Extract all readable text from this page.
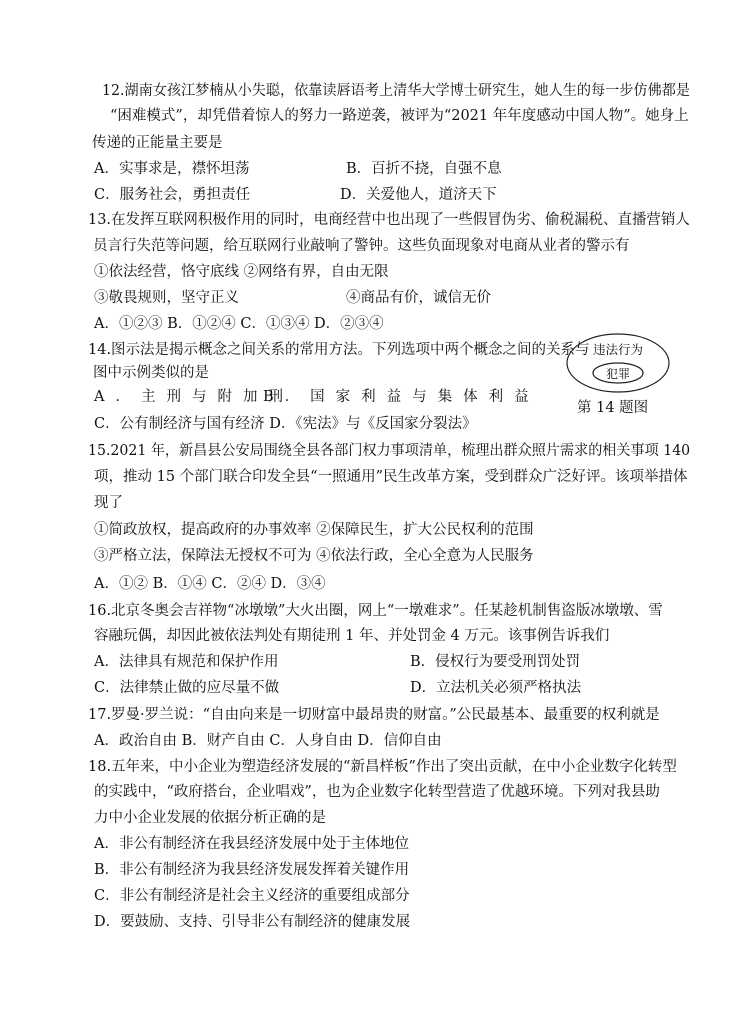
12.湖南女孩江梦楠从小失聪，依靠读唇语考上清华大学博士研究生，她人生的每一步仿佛都是
“困难模式”，却凭借着惊人的努力一路逆袭，被评为“2021 年年度感动中国人物”。她身上
传递的正能量主要是
A．实事求是，襟怀坦荡	B．百折不挠，自强不息
C．服务社会，勇担责任	D．关爱他人，道济天下
13.在发挥互联网积极作用的同时，电商经营中也出现了一些假冒伪劣、偷税漏税、直播营销人
员言行失范等问题，给互联网行业敲响了警钟。这些负面现象对电商从业者的警示有
①依法经营，恪守底线 ②网络有界，自由无限
③敬畏规则，坚守正义	④商品有价，诚信无价
A．①②③ B．①②④ C．①③④ D．②③④
14.图示法是揭示概念之间关系的常用方法。下列选项中两个概念之间的关系与
图中示例类似的是
A．主刑与附加刑
B．国家利益与集体利益
C．公有制经济与国有经济 D．《宪法》与《反国家分裂法》
违法行为
犯罪
第 14 题图
15.2021 年，新昌县公安局围绕全县各部门权力事项清单，梳理出群众照片需求的相关事项 140
项，推动 15 个部门联合印发全县“一照通用”民生改革方案，受到群众广泛好评。该项举措体
现了
①简政放权，提高政府的办事效率 ②保障民生，扩大公民权利的范围
③严格立法，保障法无授权不可为 ④依法行政，全心全意为人民服务
A．①② B．①④ C．②④ D．③④
16.北京冬奥会吉祥物“冰墩墩”大火出圈，网上“一墩难求”。任某趁机制售盗版冰墩墩、雪
容融玩偶，却因此被依法判处有期徒刑 1 年、并处罚金 4 万元。该事例告诉我们
A．法律具有规范和保护作用	B．侵权行为要受刑罚处罚
C．法律禁止做的应尽量不做	D．立法机关必须严格执法
17.罗曼·罗兰说：“自由向来是一切财富中最昂贵的财富。”公民最基本、最重要的权利就是
A．政治自由 B．财产自由 C．人身自由 D．信仰自由
18.五年来，中小企业为塑造经济发展的“新昌样板”作出了突出贡献，在中小企业数字化转型
的实践中，“政府搭台，企业唱戏”，也为企业数字化转型营造了优越环境。下列对我县助
力中小企业发展的依据分析正确的是
A．非公有制经济在我县经济发展中处于主体地位
B．非公有制经济为我县经济发展发挥着关键作用
C．非公有制经济是社会主义经济的重要组成部分
D．要鼓励、支持、引导非公有制经济的健康发展
